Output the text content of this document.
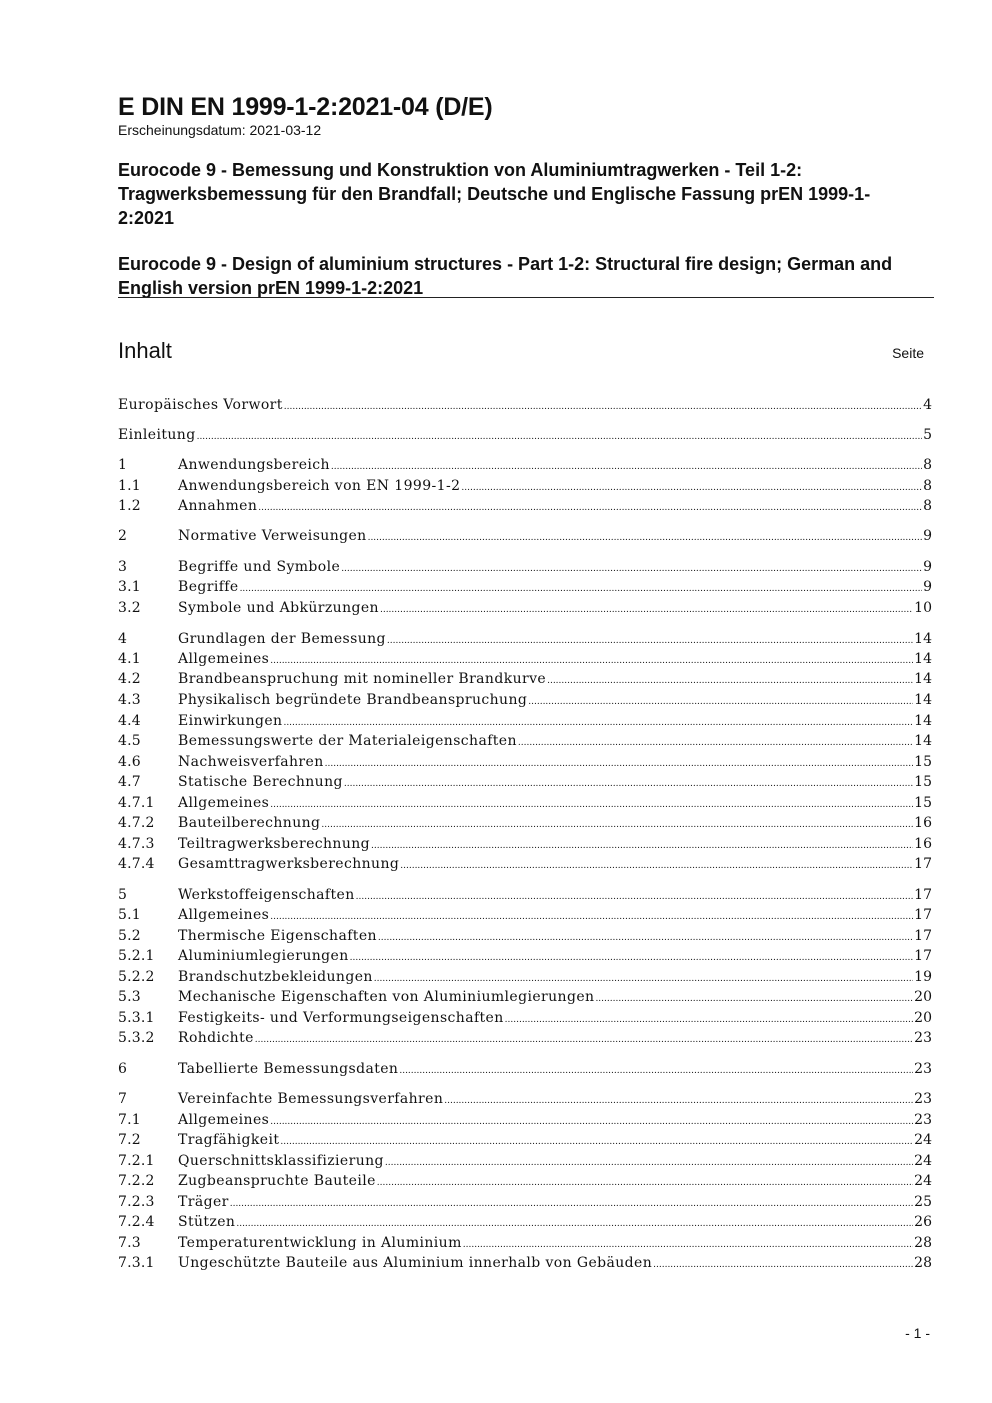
E DIN EN 1999-1-2:2021-04 (D/E)
Erscheinungsdatum: 2021-03-12
Eurocode 9 - Bemessung und Konstruktion von Aluminiumtragwerken - Teil 1-2: Tragwerksbemessung für den Brandfall; Deutsche und Englische Fassung prEN 1999-1-2:2021
Eurocode 9 - Design of aluminium structures - Part 1-2: Structural fire design; German and English version prEN 1999-1-2:2021
Inhalt	Seite
Europäisches Vorwort .....	4
Einleitung .....	5
1	Anwendungsbereich .....	8
1.1	Anwendungsbereich von EN 1999-1-2 .....	8
1.2	Annahmen .....	8
2	Normative Verweisungen .....	9
3	Begriffe und Symbole .....	9
3.1	Begriffe .....	9
3.2	Symbole und Abkürzungen .....	10
4	Grundlagen der Bemessung .....	14
4.1	Allgemeines .....	14
4.2	Brandbeanspruchung mit nomineller Brandkurve .....	14
4.3	Physikalisch begründete Brandbeanspruchung .....	14
4.4	Einwirkungen .....	14
4.5	Bemessungswerte der Materialeigenschaften .....	14
4.6	Nachweisverfahren .....	15
4.7	Statische Berechnung .....	15
4.7.1	Allgemeines .....	15
4.7.2	Bauteilberechnung .....	16
4.7.3	Teiltragwerksberechnung .....	16
4.7.4	Gesamttragwerksberechnung .....	17
5	Werkstoffeigenschaften .....	17
5.1	Allgemeines .....	17
5.2	Thermische Eigenschaften .....	17
5.2.1	Aluminiumlegierungen .....	17
5.2.2	Brandschutzbekleidungen .....	19
5.3	Mechanische Eigenschaften von Aluminiumlegierungen .....	20
5.3.1	Festigkeits- und Verformungseigenschaften .....	20
5.3.2	Rohdichte .....	23
6	Tabellierte Bemessungsdaten .....	23
7	Vereinfachte Bemessungsverfahren .....	23
7.1	Allgemeines .....	23
7.2	Tragfähigkeit .....	24
7.2.1	Querschnittsklassifizierung .....	24
7.2.2	Zugbeanspruchte Bauteile .....	24
7.2.3	Träger .....	25
7.2.4	Stützen .....	26
7.3	Temperaturentwicklung in Aluminium .....	28
7.3.1	Ungeschützte Bauteile aus Aluminium innerhalb von Gebäuden .....	28
- 1 -
